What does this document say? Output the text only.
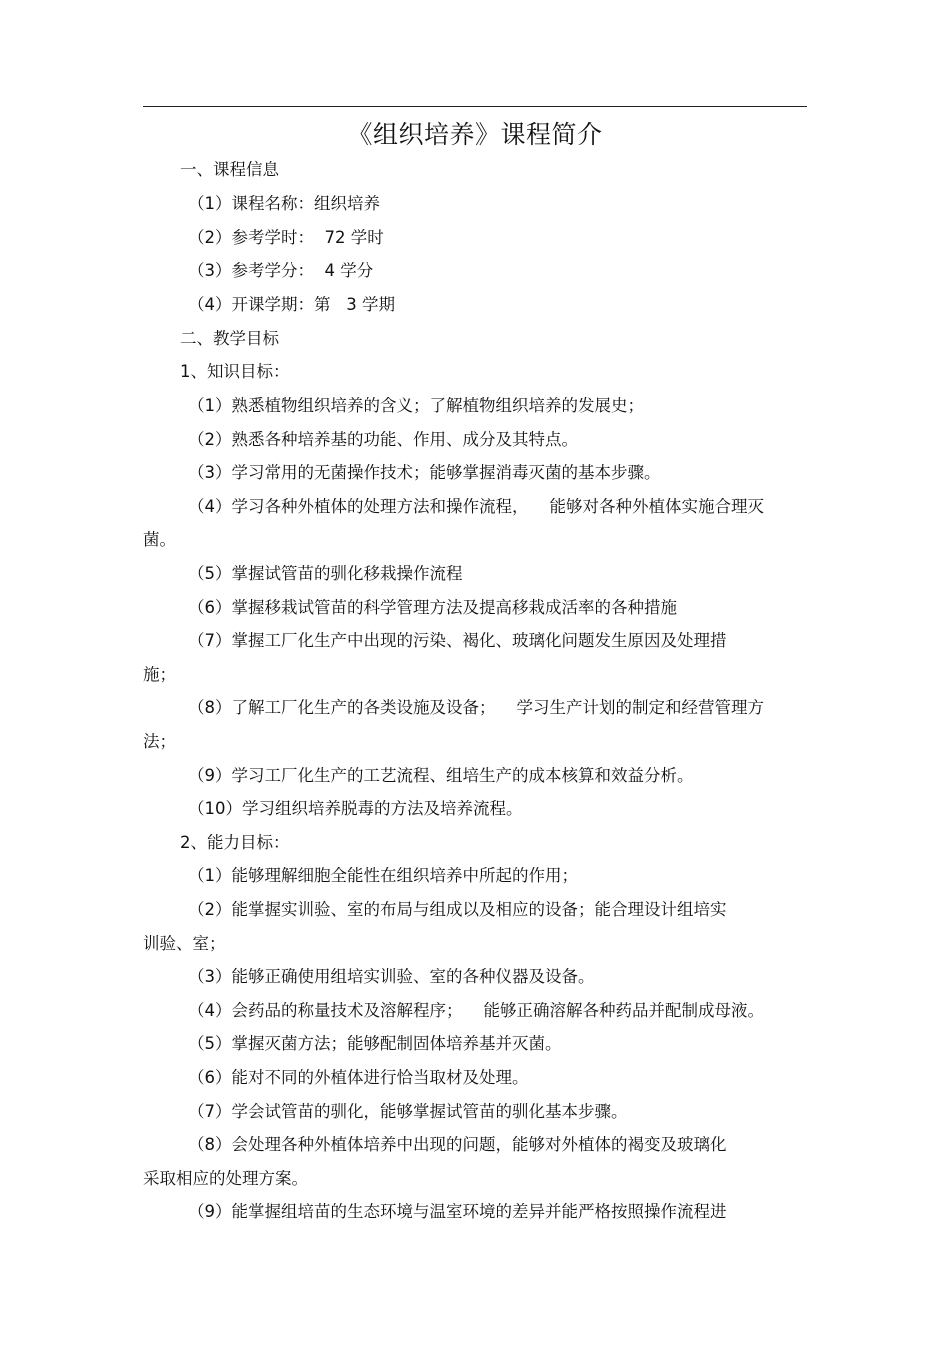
《组织培养》课程简介
一、课程信息
（1）课程名称：组织培养
（2）参考学时：  72 学时
（3）参考学分：  4 学分
（4）开课学期：第   3 学期
二、教学目标
1、知识目标：
（1）熟悉植物组织培养的含义；了解植物组织培养的发展史；
（2）熟悉各种培养基的功能、作用、成分及其特点。
（3）学习常用的无菌操作技术；能够掌握消毒灭菌的基本步骤。
（4）学习各种外植体的处理方法和操作流程，    能够对各种外植体实施合理灭
菌。
（5）掌握试管苗的驯化移栽操作流程
（6）掌握移栽试管苗的科学管理方法及提高移栽成活率的各种措施
（7）掌握工厂化生产中出现的污染、褐化、玻璃化问题发生原因及处理措
施；
（8）了解工厂化生产的各类设施及设备；    学习生产计划的制定和经营管理方
法；
（9）学习工厂化生产的工艺流程、组培生产的成本核算和效益分析。
（10）学习组织培养脱毒的方法及培养流程。
2、能力目标：
（1）能够理解细胞全能性在组织培养中所起的作用；
（2）能掌握实训验、室的布局与组成以及相应的设备；能合理设计组培实
训验、室；
（3）能够正确使用组培实训验、室的各种仪器及设备。
（4）会药品的称量技术及溶解程序；    能够正确溶解各种药品并配制成母液。
（5）掌握灭菌方法；能够配制固体培养基并灭菌。
（6）能对不同的外植体进行恰当取材及处理。
（7）学会试管苗的驯化，能够掌握试管苗的驯化基本步骤。
（8）会处理各种外植体培养中出现的问题，能够对外植体的褐变及玻璃化
采取相应的处理方案。
（9）能掌握组培苗的生态环境与温室环境的差异并能严格按照操作流程进
